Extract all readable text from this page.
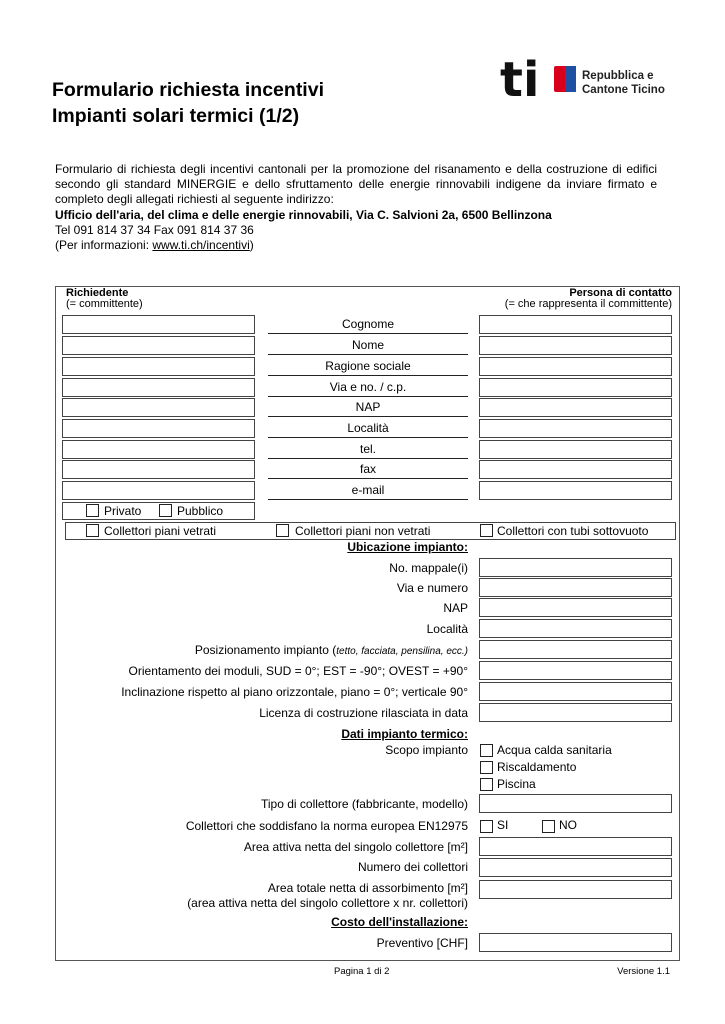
Formulario richiesta incentivi
Impianti solari termici (1/2)
ti	Repubblica e
Cantone Ticino
Formulario di richiesta degli incentivi cantonali per la promozione del risanamento e della costruzione di edifici secondo gli standard MINERGIE e dello sfruttamento delle energie rinnovabili indigene da inviare firmato e completo degli allegati richiesti al seguente indirizzo:
Ufficio dell'aria, del clima e delle energie rinnovabili, Via C. Salvioni 2a, 6500 Bellinzona
Tel 091 814 37 34 Fax 091 814 37 36
(Per informazioni: www.ti.ch/incentivi)
Richiedente
(= committente)
Persona di contatto
(= che rappresenta il committente)
Cognome
Nome
Ragione sociale
Via e no. / c.p.
NAP
Località
tel.
fax
e-mail
Privato	Pubblico
Collettori piani vetrati	Collettori piani non vetrati	Collettori con tubi sottovuoto
Ubicazione impianto:
No. mappale(i)
Via e numero
NAP
Località
Posizionamento impianto (tetto, facciata, pensilina, ecc.)
Orientamento dei moduli, SUD = 0°; EST = -90°; OVEST = +90°
Inclinazione rispetto al piano orizzontale, piano = 0°; verticale 90°
Licenza di costruzione rilasciata in data
Dati impianto termico:
Scopo impianto Acqua calda sanitaria
Riscaldamento
Piscina
Tipo di collettore (fabbricante, modello)
Collettori che soddisfano la norma europea EN12975 SI	NO
Area attiva netta del singolo collettore [m²]
Numero dei collettori
Area totale netta di assorbimento [m²]
(area attiva netta del singolo collettore x nr. collettori)
Costo dell'installazione:
Preventivo [CHF]
Pagina 1 di 2	Versione 1.1
